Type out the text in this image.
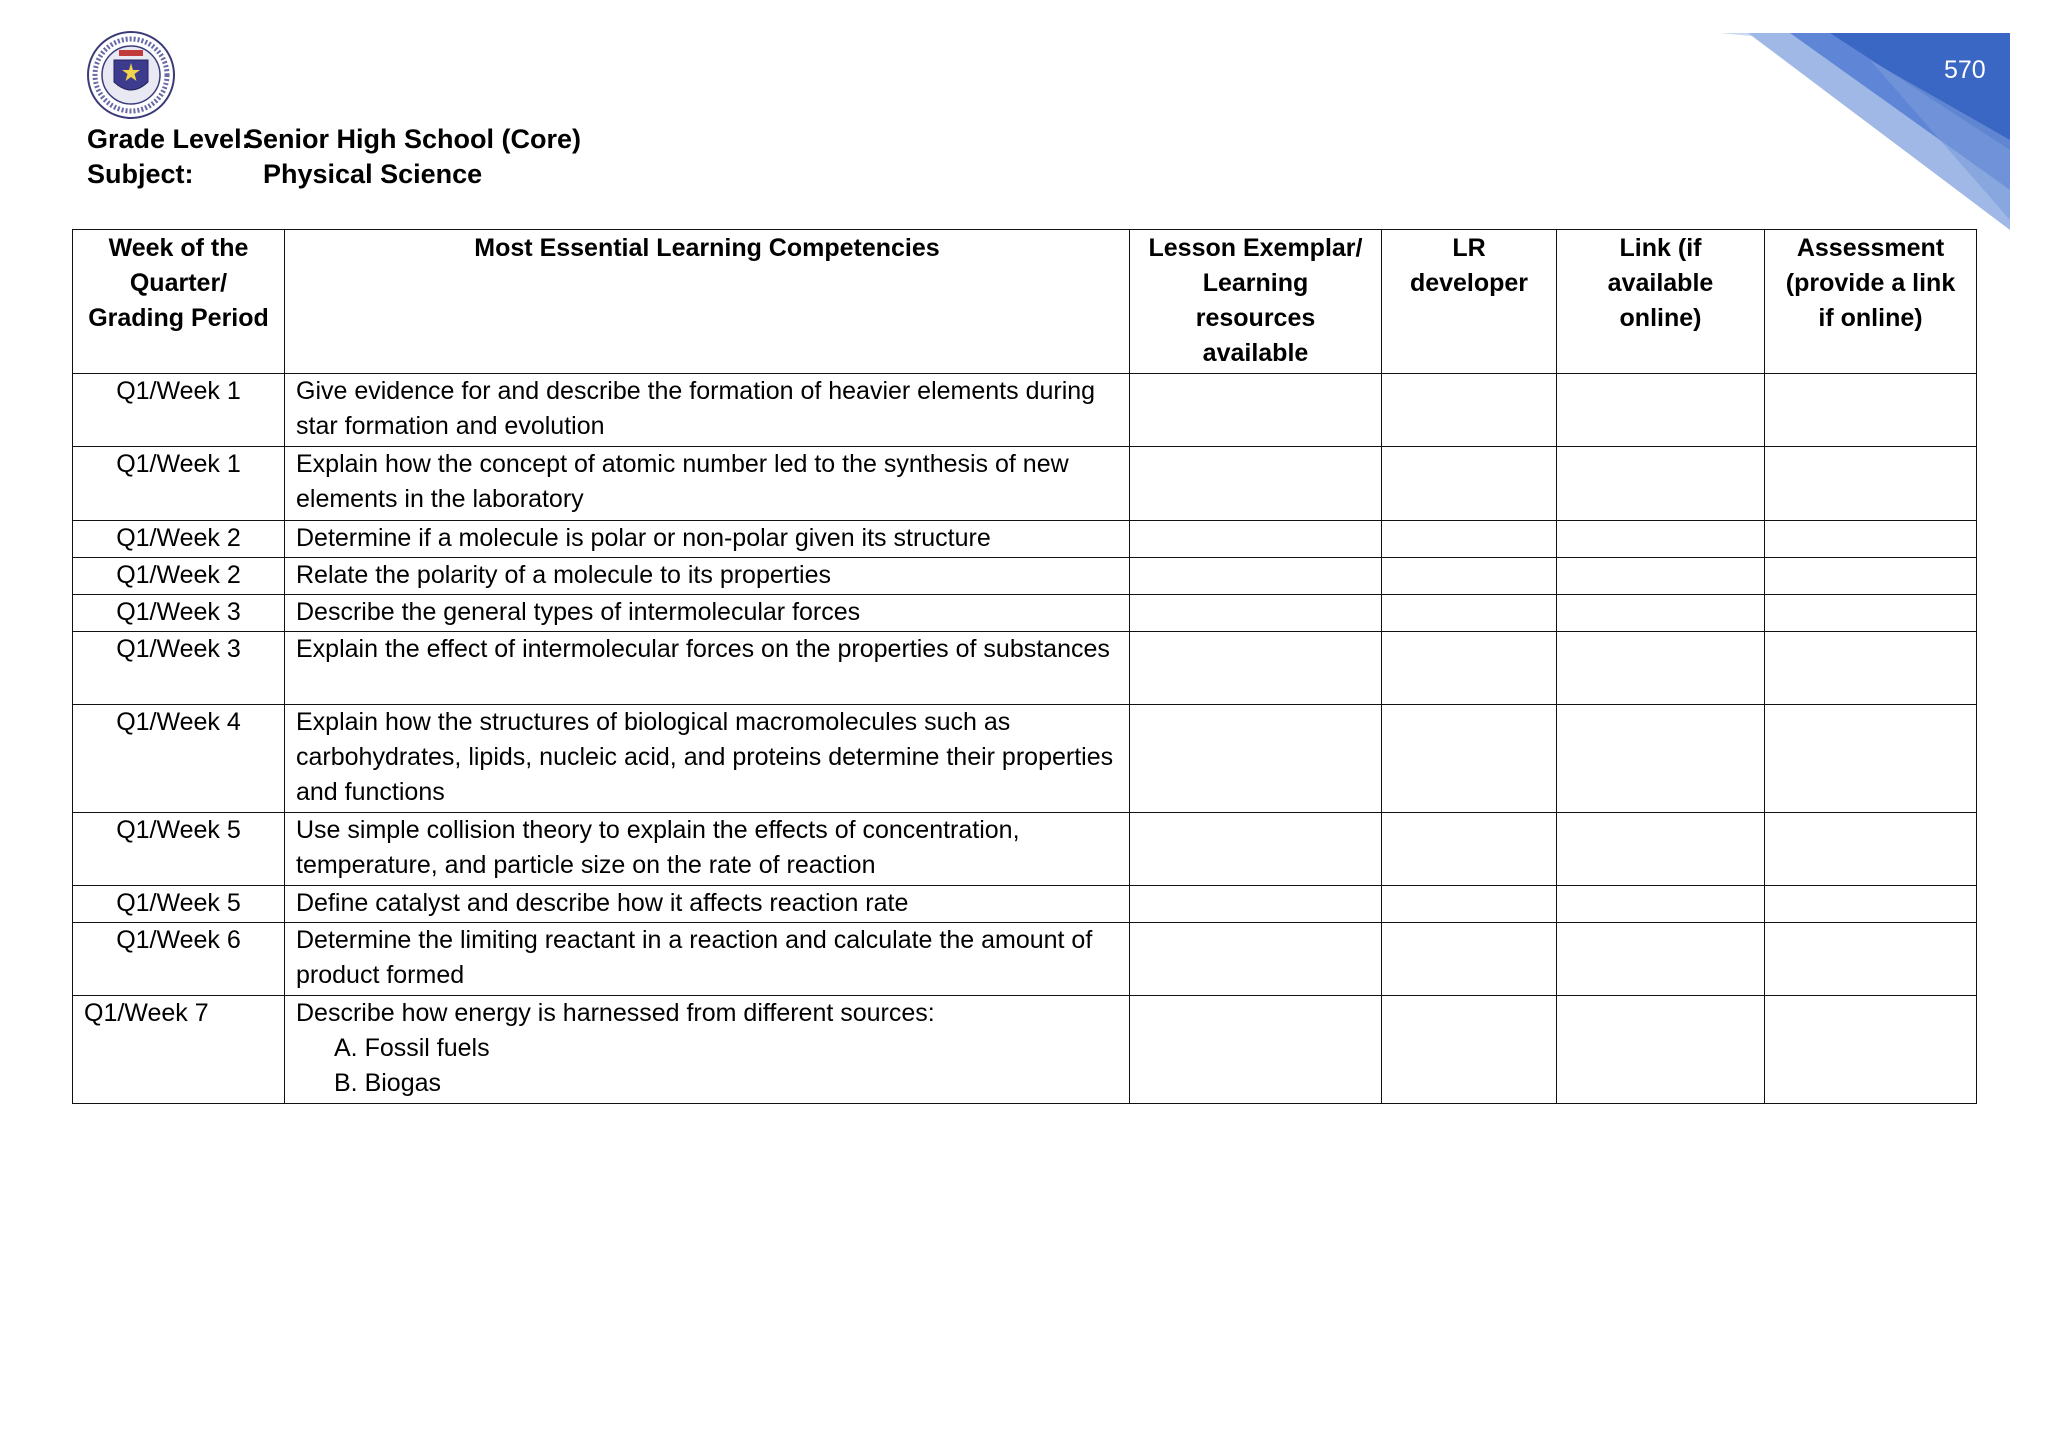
570
Grade Level:
Senior High School (Core)
Subject:	Physical Science
Week of the Quarter/ Grading Period	Most Essential Learning Competencies	Lesson Exemplar/ Learning resources available	LR developer	Link (if available online)	Assessment (provide a link if online)
Q1/Week 1	Give evidence for and describe the formation of heavier elements during star formation and evolution				
Q1/Week 1	Explain how the concept of atomic number led to the synthesis of new elements in the laboratory				
Q1/Week 2	Determine if a molecule is polar or non-polar given its structure				
Q1/Week 2	Relate the polarity of a molecule to its properties				
Q1/Week 3	Describe the general types of intermolecular forces				
Q1/Week 3	Explain the effect of intermolecular forces on the properties of substances				
Q1/Week 4	Explain how the structures of biological macromolecules such as carbohydrates, lipids, nucleic acid, and proteins determine their properties and functions				
Q1/Week 5	Use simple collision theory to explain the effects of concentration, temperature, and particle size on the rate of reaction				
Q1/Week 5	Define catalyst and describe how it affects reaction rate				
Q1/Week 6	Determine the limiting reactant in a reaction and calculate the amount of product formed				
Q1/Week 7	Describe how energy is harnessed from different sources:
A. Fossil fuels
B. Biogas				
